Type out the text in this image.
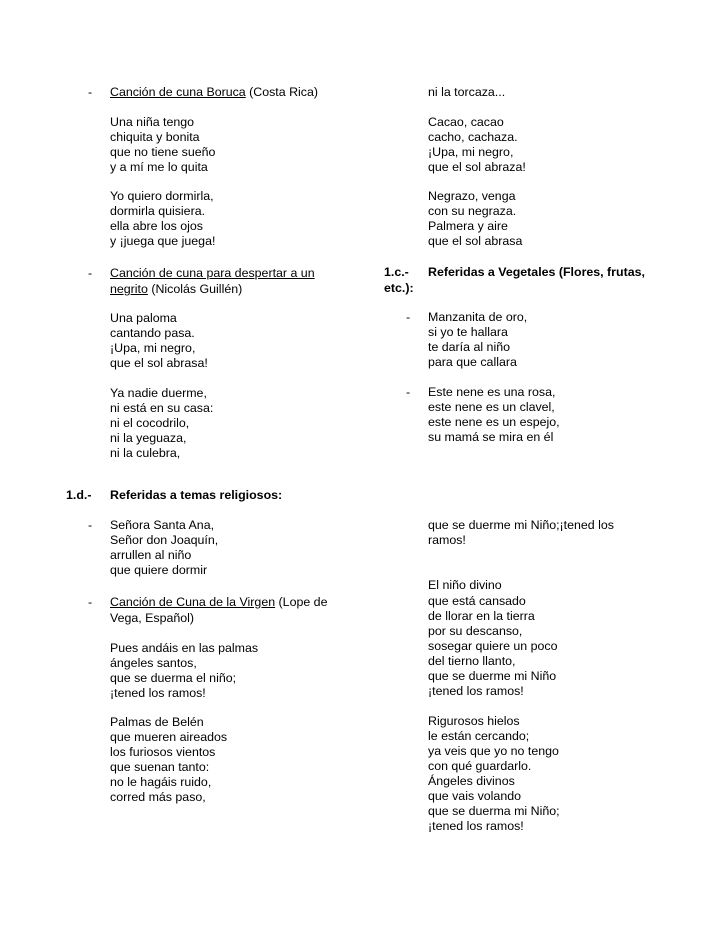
- Canción de cuna Boruca (Costa Rica)
Una niña tengo
chiquita y bonita
que no tiene sueño
y a mí me lo quita
Yo quiero dormirla,
dormirla quisiera.
ella abre los ojos
y ¡juega que juega!
- Canción de cuna para despertar a un
negrito (Nicolás Guillén)
Una paloma
cantando pasa.
¡Upa, mi negro,
que el sol abrasa!
Ya nadie duerme,
ni está en su casa:
ni el cocodrilo,
ni la yeguaza,
ni la culebra,
1.d.- Referidas a temas religiosos:
- Señora Santa Ana,
Señor don Joaquín,
arrullen al niño
que quiere dormir
- Canción de Cuna de la Virgen (Lope de
Vega, Español)
Pues andáis en las palmas
ángeles santos,
que se duerma el niño;
¡tened los ramos!
Palmas de Belén
que mueren aireados
los furiosos vientos
que suenan tanto:
no le hagáis ruido,
corred más paso,
ni la torcaza...
Cacao, cacao
cacho, cachaza.
¡Upa, mi negro,
que el sol abraza!
Negrazo, venga
con su negraza.
Palmera y aire
que el sol abrasa
1.c.- Referidas a Vegetales (Flores, frutas,
etc.):
- Manzanita de oro,
si yo te hallara
te daría al niño
para que callara
- Este nene es una rosa,
este nene es un clavel,
este nene es un espejo,
su mamá se mira en él
que se duerme mi Niño;¡tened los
ramos!
El niño divino
que está cansado
de llorar en la tierra
por su descanso,
sosegar quiere un poco
del tierno llanto,
que se duerme mi Niño
¡tened los ramos!
Rigurosos hielos
le están cercando;
ya veis que yo no tengo
con qué guardarlo.
Ángeles divinos
que vais volando
que se duerma mi Niño;
¡tened los ramos!
